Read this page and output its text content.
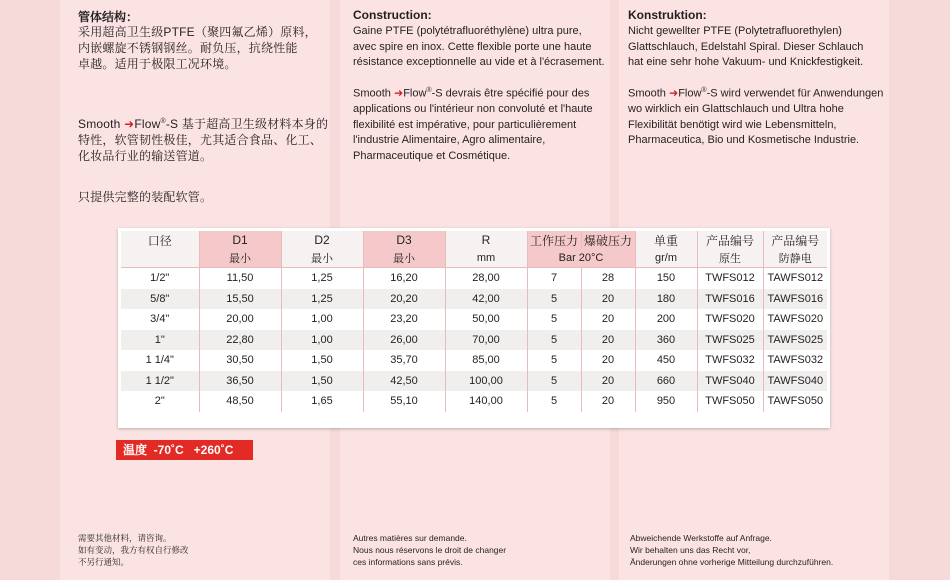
管体结构：
采用超高卫生级PTFE（聚四氟乙烯）原料，
内嵌螺旋不锈钢钢丝。耐负压，抗绕性能
卓越。适用于极限工况环境。
Smooth ➜Flow®-S 基于超高卫生级材料本身的
特性，软管韧性极佳，尤其适合食品、化工、
化妆品行业的输送管道。
只提供完整的装配软管。
Construction:
Gaine PTFE (polytétrafluoréthylène) ultra pure,
avec spire en inox. Cette flexible porte une haute
résistance exceptionnelle au vide et à l'écrasement.
Smooth ➜Flow®-S devrais être spécifié pour des
applications ou l'intérieur non convoluté et l'haute
flexibilité est impérative, pour particulièrement
l'industrie Alimentaire, Agro alimentaire,
Pharmaceutique et Cosmétique.
Konstruktion:
Nicht gewellter PTFE (Polytetrafluorethylen)
Glattschlauch, Edelstahl Spiral. Dieser Schlauch
hat eine sehr hohe Vakuum- und Knickfestigkeit.
Smooth ➜Flow®-S wird verwendet für Anwendungen
wo wirklich ein Glattschlauch und Ultra hohe
Flexibilität benötigt wird wie Lebensmitteln,
Pharmaceutica, Bio und Kosmetische Industrie.
口径	D1	D2	D3	R	工作压力	爆破压力	单重	产品编号	产品编号
	最小	最小	最小	mm	Bar 20°C		gr/m	原生	防静电
1/2"	11,50	1,25	16,20	28,00	7	28	150	TWFS012	TAWFS012
5/8"	15,50	1,25	20,20	42,00	5	20	180	TWFS016	TAWFS016
3/4"	20,00	1,00	23,20	50,00	5	20	200	TWFS020	TAWFS020
1"	22,80	1,00	26,00	70,00	5	20	360	TWFS025	TAWFS025
1 1/4"	30,50	1,50	35,70	85,00	5	20	450	TWFS032	TAWFS032
1 1/2"	36,50	1,50	42,50	100,00	5	20	660	TWFS040	TAWFS040
2"	48,50	1,65	55,10	140,00	5	20	950	TWFS050	TAWFS050
温度  -70˚C   +260˚C
需要其他材料，请咨询。
如有变动，我方有权自行修改
不另行通知。
Autres matières sur demande.
Nous nous réservons le droit de changer
ces informations sans prévis.
Abweichende Werkstoffe auf Anfrage.
Wir behalten uns das Recht vor,
Änderungen ohne vorherige Mitteilung durchzuführen.
